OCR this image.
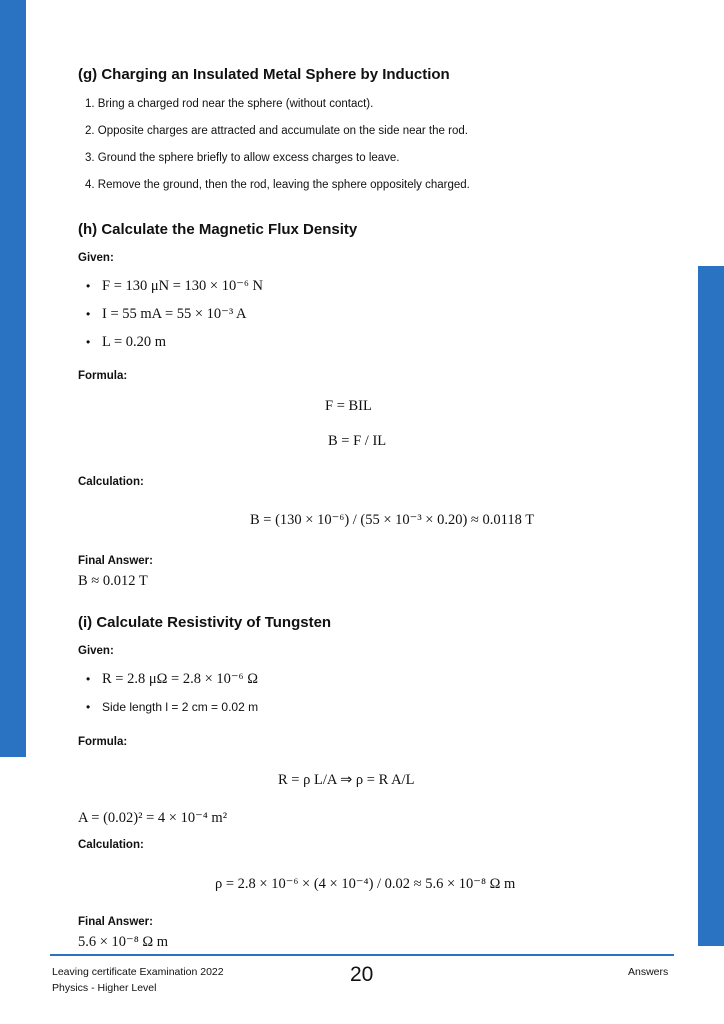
(g) Charging an Insulated Metal Sphere by Induction
1. Bring a charged rod near the sphere (without contact).
2. Opposite charges are attracted and accumulate on the side near the rod.
3. Ground the sphere briefly to allow excess charges to leave.
4. Remove the ground, then the rod, leaving the sphere oppositely charged.
(h) Calculate the Magnetic Flux Density
Given:
• F = 130 μN = 130 × 10⁻⁶ N
• I = 55 mA = 55 × 10⁻³ A
• L = 0.20 m
Formula:
F = BIL
B = F / IL
Calculation:
B = (130 × 10⁻⁶) / (55 × 10⁻³ × 0.20) ≈ 0.0118 T
Final Answer:
B ≈ 0.012 T
(i) Calculate Resistivity of Tungsten
Given:
• R = 2.8 μΩ = 2.8 × 10⁻⁶ Ω
• Side length l = 2 cm = 0.02 m
Formula:
R = ρ L/A ⇒ ρ = R A/L
A = (0.02)² = 4 × 10⁻⁴ m²
Calculation:
ρ = 2.8 × 10⁻⁶ × (4 × 10⁻⁴) / 0.02 ≈ 5.6 × 10⁻⁸ Ω m
Final Answer:
5.6 × 10⁻⁸ Ω m
Leaving certificate Examination 2022
Physics - Higher Level
20	Answers
